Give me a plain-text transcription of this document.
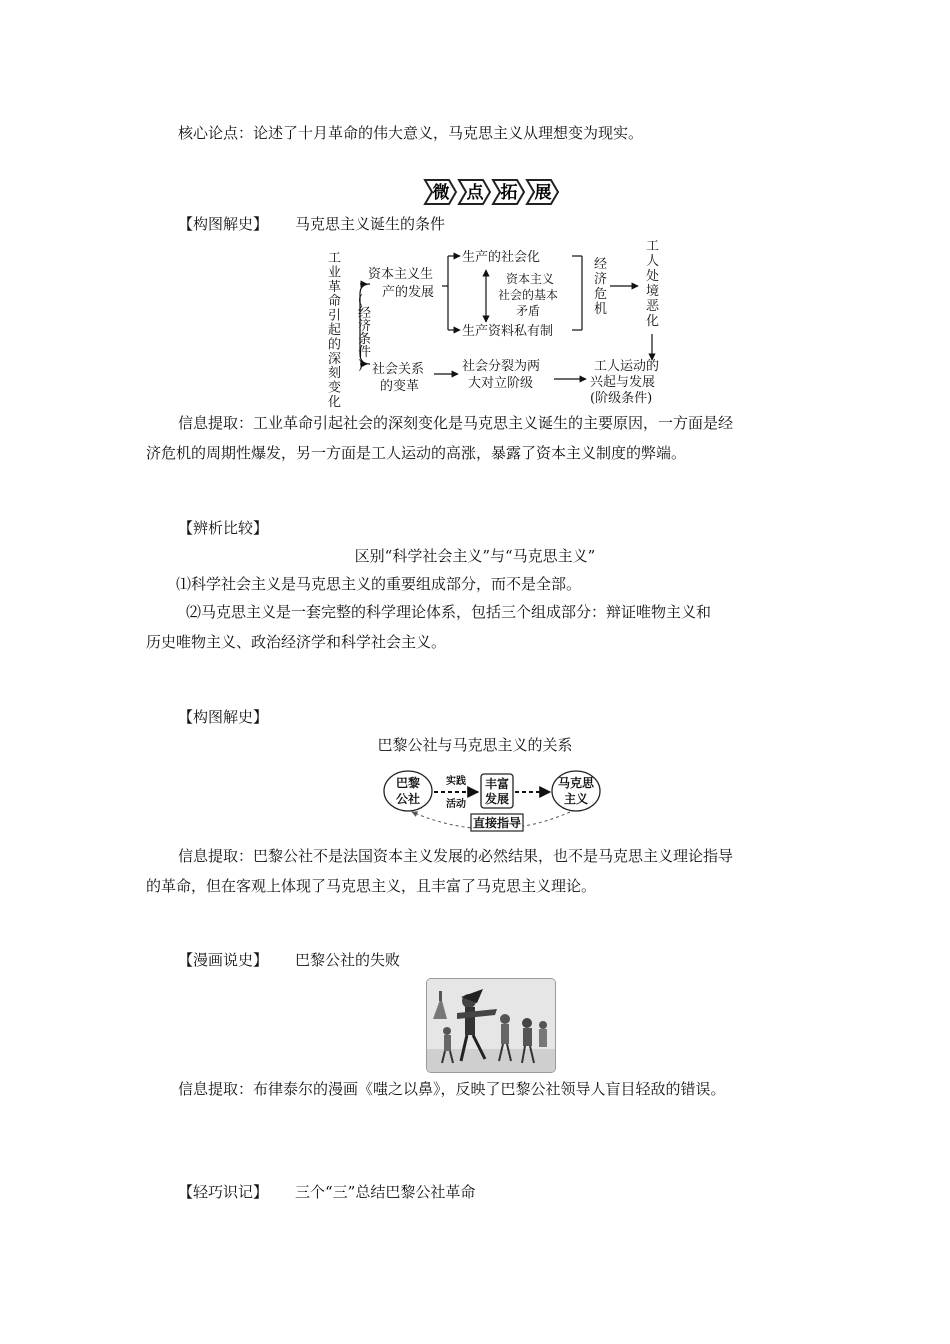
核心论点：论述了十月革命的伟大意义，马克思主义从理想变为现实。
微 点 拓 展
【构图解史】 马克思主义诞生的条件
工业革命引起的深刻变化
(经济条件)
资本主义生
产的发展
生产的社会化
生产资料私有制
资本主义
社会的基本
矛盾
经济危机
工人处境恶化
社会关系
的变革
社会分裂为两
大对立阶级
工人运动的
兴起与发展
(阶级条件)
信息提取：工业革命引起社会的深刻变化是马克思主义诞生的主要原因，一方面是经
济危机的周期性爆发，另一方面是工人运动的高涨，暴露了资本主义制度的弊端。
【辨析比较】
区别“科学社会主义”与“马克思主义”
⑴科学社会主义是马克思主义的重要组成部分，而不是全部。
⑵马克思主义是一套完整的科学理论体系，包括三个组成部分：辩证唯物主义和
历史唯物主义、政治经济学和科学社会主义。
【构图解史】
巴黎公社与马克思主义的关系
巴黎
公社
实践
活动
丰富
发展
马克思
主义
直接指导
信息提取：巴黎公社不是法国资本主义发展的必然结果，也不是马克思主义理论指导
的革命，但在客观上体现了马克思主义，且丰富了马克思主义理论。
【漫画说史】 巴黎公社的失败
信息提取：布律泰尔的漫画《嗤之以鼻》，反映了巴黎公社领导人盲目轻敌的错误。
【轻巧识记】 三个“三”总结巴黎公社革命
